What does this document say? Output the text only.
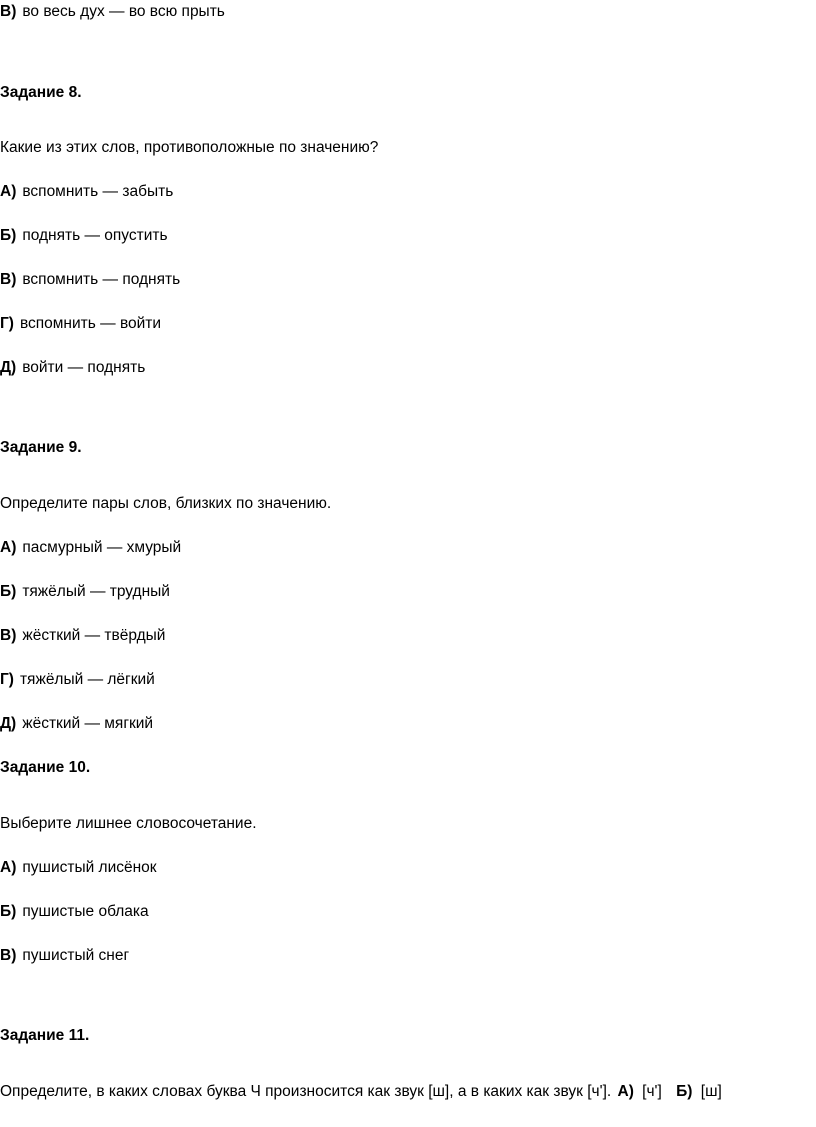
В) во весь дух — во всю прыть
Задание 8.
Какие из этих слов, противоположные по значению?
А) вспомнить — забыть
Б) поднять — опустить
В) вспомнить — поднять
Г) вспомнить — войти
Д) войти — поднять
Задание 9.
Определите пары слов, близких по значению.
А) пасмурный — хмурый
Б) тяжёлый — трудный
В) жёсткий — твёрдый
Г) тяжёлый — лёгкий
Д) жёсткий — мягкий
Задание 10.
Выберите лишнее словосочетание.
А) пушистый лисёнок
Б) пушистые облака
В) пушистый снег
Задание 11.
Определите, в каких словах буква Ч произносится как звук [ш], а в каких как звук [ч']. А) [ч'] Б) [ш]
